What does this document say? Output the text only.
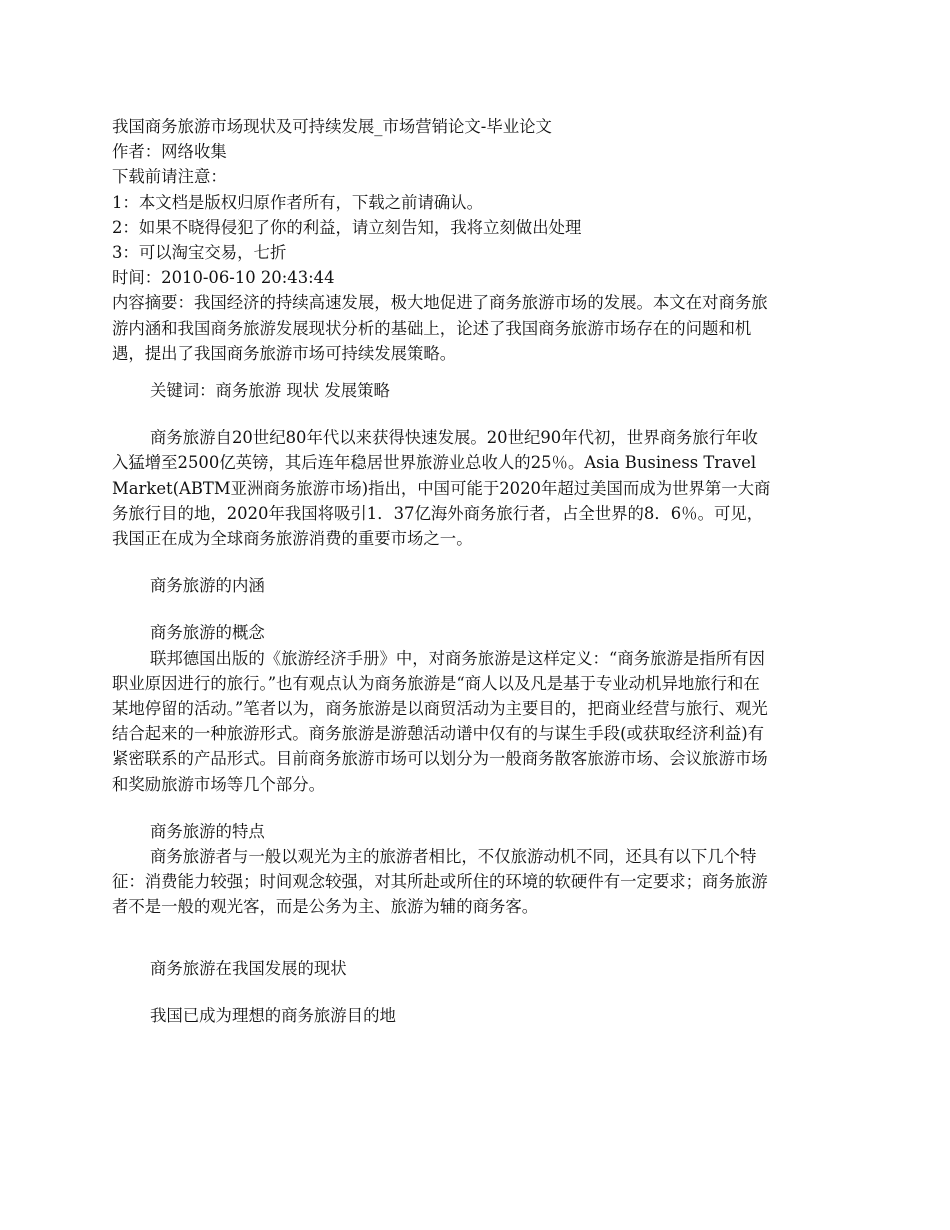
我国商务旅游市场现状及可持续发展_市场营销论文-毕业论文

作者：网络收集

下载前请注意：

1：本文档是版权归原作者所有，下载之前请确认。

2：如果不晓得侵犯了你的利益，请立刻告知，我将立刻做出处理

3：可以淘宝交易，七折

时间：2010-06-10 20:43:44

内容摘要：我国经济的持续高速发展，极大地促进了商务旅游市场的发展。本文在对商务旅游内涵和我国商务旅游发展现状分析的基础上，论述了我国商务旅游市场存在的问题和机遇，提出了我国商务旅游市场可持续发展策略。

关键词：商务旅游 现状 发展策略

商务旅游自20世纪80年代以来获得快速发展。20世纪90年代初，世界商务旅行年收入猛增至2500亿英镑，其后连年稳居世界旅游业总收人的25％。Asia Business Travel Market(ABTM亚洲商务旅游市场)指出，中国可能于2020年超过美国而成为世界第一大商务旅行目的地，2020年我国将吸引1．37亿海外商务旅行者，占全世界的8．6％。可见，我国正在成为全球商务旅游消费的重要市场之一。

商务旅游的内涵

商务旅游的概念

联邦德国出版的《旅游经济手册》中，对商务旅游是这样定义：“商务旅游是指所有因职业原因进行的旅行。”也有观点认为商务旅游是“商人以及凡是基于专业动机异地旅行和在某地停留的活动。”笔者以为，商务旅游是以商贸活动为主要目的，把商业经营与旅行、观光结合起来的一种旅游形式。商务旅游是游憩活动谱中仅有的与谋生手段(或获取经济利益)有紧密联系的产品形式。目前商务旅游市场可以划分为一般商务散客旅游市场、会议旅游市场和奖励旅游市场等几个部分。

商务旅游的特点

商务旅游者与一般以观光为主的旅游者相比，不仅旅游动机不同，还具有以下几个特征：消费能力较强；时间观念较强，对其所赴或所住的环境的软硬件有一定要求；商务旅游者不是一般的观光客，而是公务为主、旅游为辅的商务客。

商务旅游在我国发展的现状

我国已成为理想的商务旅游目的地
